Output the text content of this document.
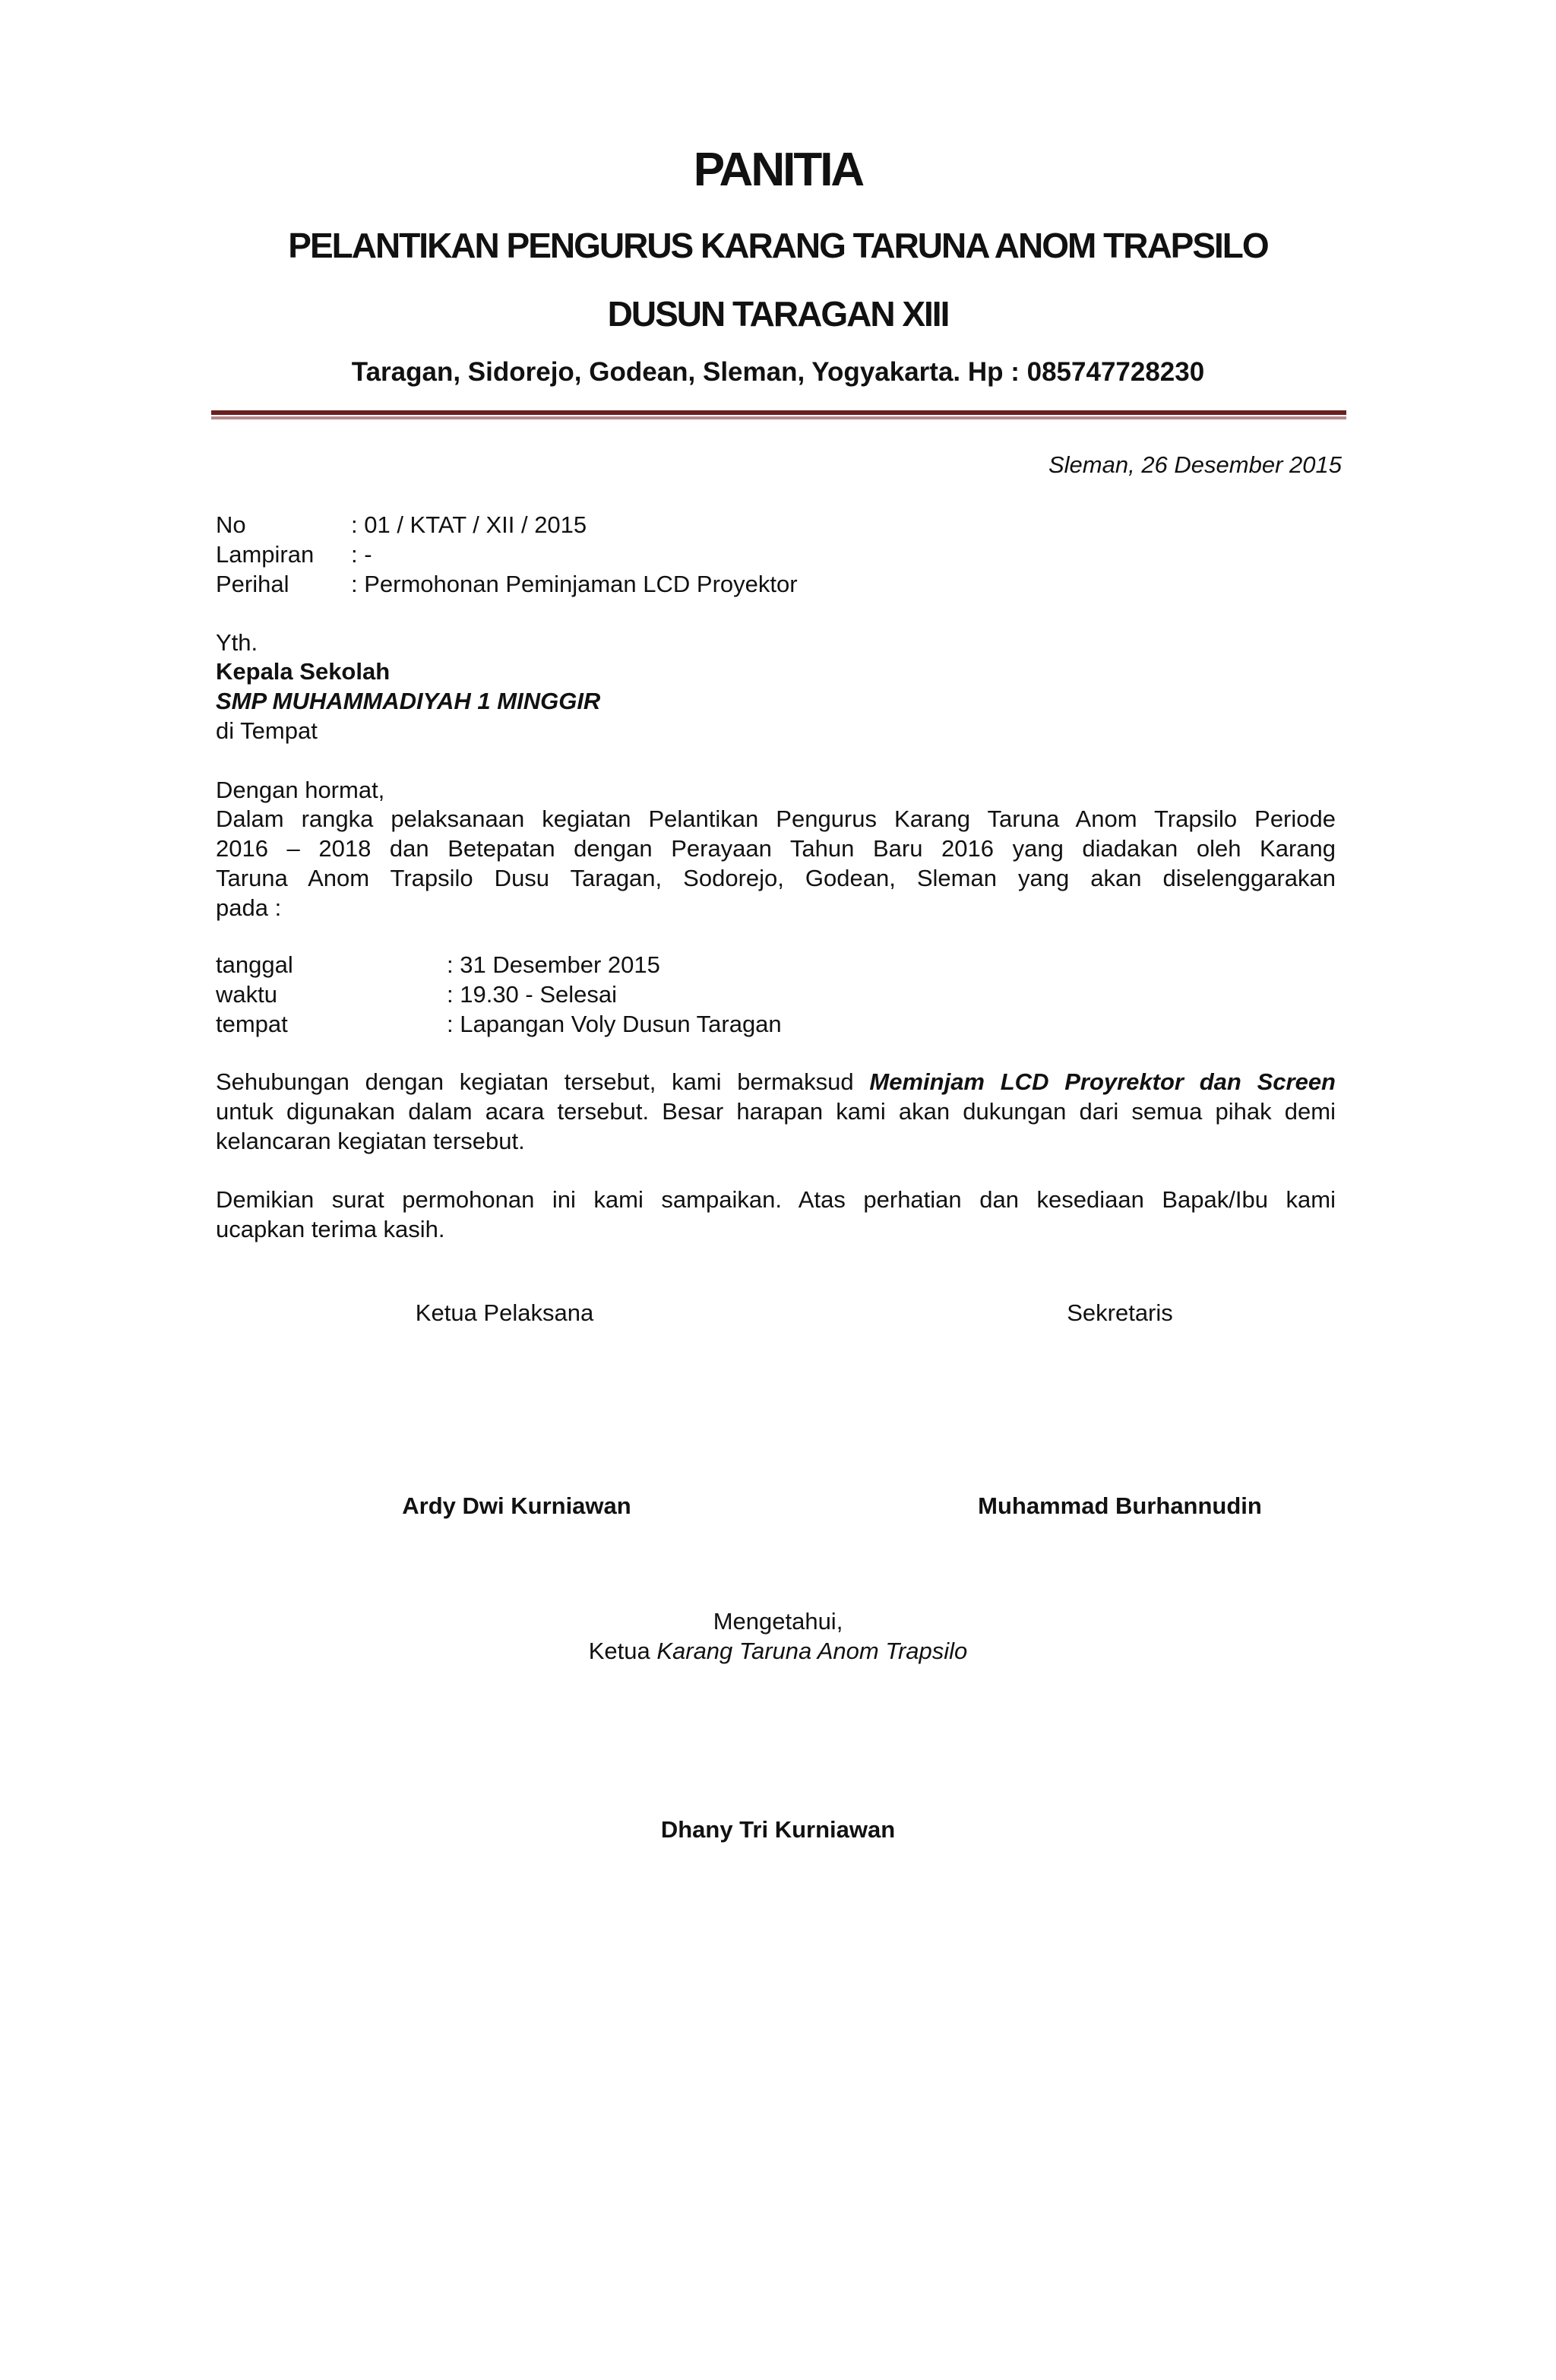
PANITIA
PELANTIKAN PENGURUS KARANG TARUNA ANOM TRAPSILO
DUSUN TARAGAN XIII
Taragan, Sidorejo, Godean, Sleman, Yogyakarta. Hp : 085747728230
Sleman, 26 Desember 2015
No	: 01 / KTAT / XII / 2015
Lampiran : -
Perihal	: Permohonan Peminjaman LCD Proyektor
Yth.
Kepala Sekolah
SMP MUHAMMADIYAH 1 MINGGIR
di Tempat
Dengan hormat,
Dalam rangka pelaksanaan kegiatan Pelantikan Pengurus Karang Taruna Anom Trapsilo Periode
2016 – 2018 dan Betepatan dengan Perayaan Tahun Baru 2016 yang diadakan oleh Karang
Taruna Anom Trapsilo Dusu Taragan, Sodorejo, Godean, Sleman yang akan diselenggarakan
pada :
tanggal	: 31 Desember 2015
waktu	: 19.30 - Selesai
tempat	: Lapangan Voly Dusun Taragan
Sehubungan dengan kegiatan tersebut, kami bermaksud Meminjam LCD Proyrektor dan Screen
untuk digunakan dalam acara tersebut. Besar harapan kami akan dukungan dari semua pihak demi
kelancaran kegiatan tersebut.
Demikian surat permohonan ini kami sampaikan. Atas perhatian dan kesediaan Bapak/Ibu kami
ucapkan terima kasih.
Ketua Pelaksana	Sekretaris
Ardy Dwi Kurniawan	Muhammad Burhannudin
Mengetahui,
Ketua Karang Taruna Anom Trapsilo
Dhany Tri Kurniawan
